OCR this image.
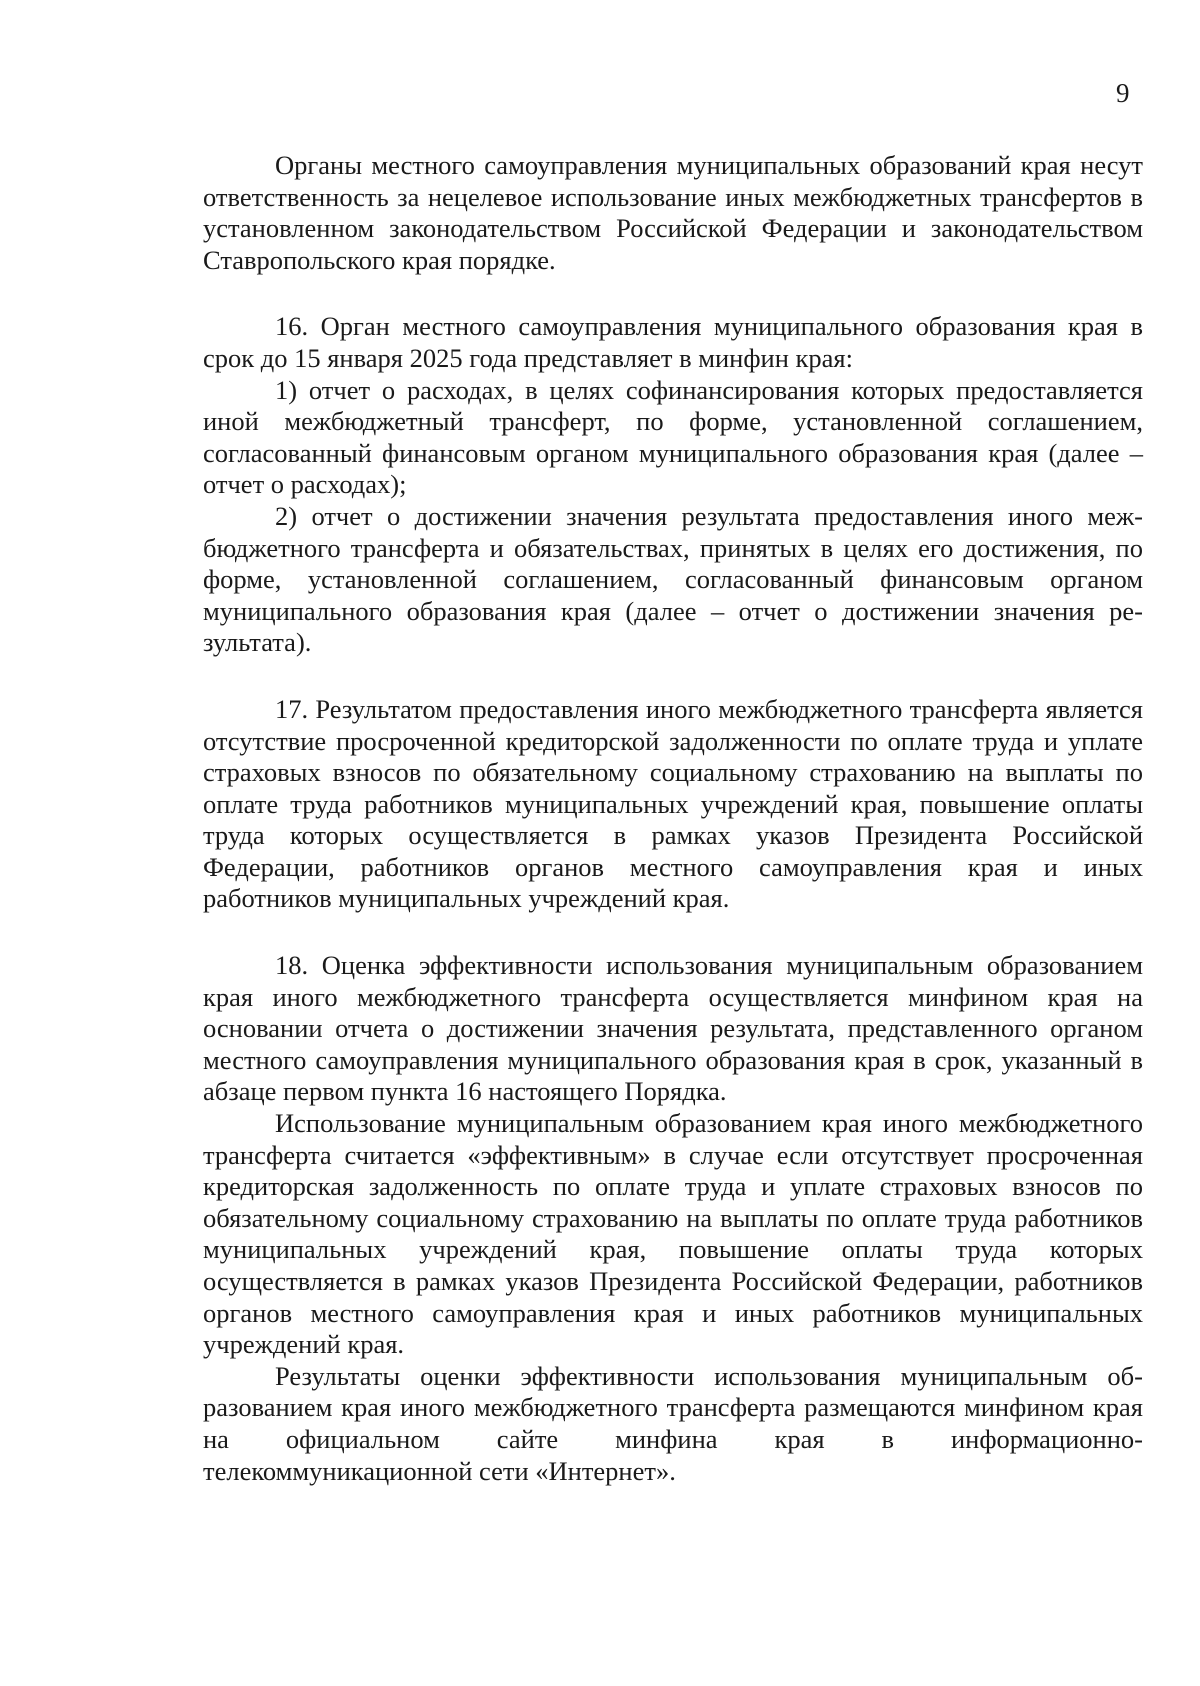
9

Органы местного самоуправления муниципальных образований края несут ответственность за нецелевое использование иных межбюджетных трансфертов в установленном законодательством Российской Федерации и законодательством Ставропольского края порядке.

16. Орган местного самоуправления муниципального образования края в срок до 15 января 2025 года представляет в минфин края:

1) отчет о расходах, в целях софинансирования которых предоставляется иной межбюджетный трансферт, по форме, установленной соглашением, согласованный финансовым органом муниципального образования края (далее – отчет о расходах);

2) отчет о достижении значения результата предоставления иного межбюджетного трансферта и обязательствах, принятых в целях его достижения, по форме, установленной соглашением, согласованный финансовым органом муниципального образования края (далее – отчет о достижении значения результата).

17. Результатом предоставления иного межбюджетного трансферта является отсутствие просроченной кредиторской задолженности по оплате труда и уплате страховых взносов по обязательному социальному страхованию на выплаты по оплате труда работников муниципальных учреждений края, повышение оплаты труда которых осуществляется в рамках указов Президента Российской Федерации, работников органов местного самоуправления края и иных работников муниципальных учреждений края.

18. Оценка эффективности использования муниципальным образованием края иного межбюджетного трансферта осуществляется минфином края на основании отчета о достижении значения результата, представленного органом местного самоуправления муниципального образования края в срок, указанный в абзаце первом пункта 16 настоящего Порядка.

Использование муниципальным образованием края иного межбюджетного трансферта считается «эффективным» в случае если отсутствует просроченная кредиторская задолженность по оплате труда и уплате страховых взносов по обязательному социальному страхованию на выплаты по оплате труда работников муниципальных учреждений края, повышение оплаты труда которых осуществляется в рамках указов Президента Российской Федерации, работников органов местного самоуправления края и иных работников муниципальных учреждений края.

Результаты оценки эффективности использования муниципальным образованием края иного межбюджетного трансферта размещаются минфином края на официальном сайте минфина края в информационно-

телекоммуникационной сети «Интернет».
